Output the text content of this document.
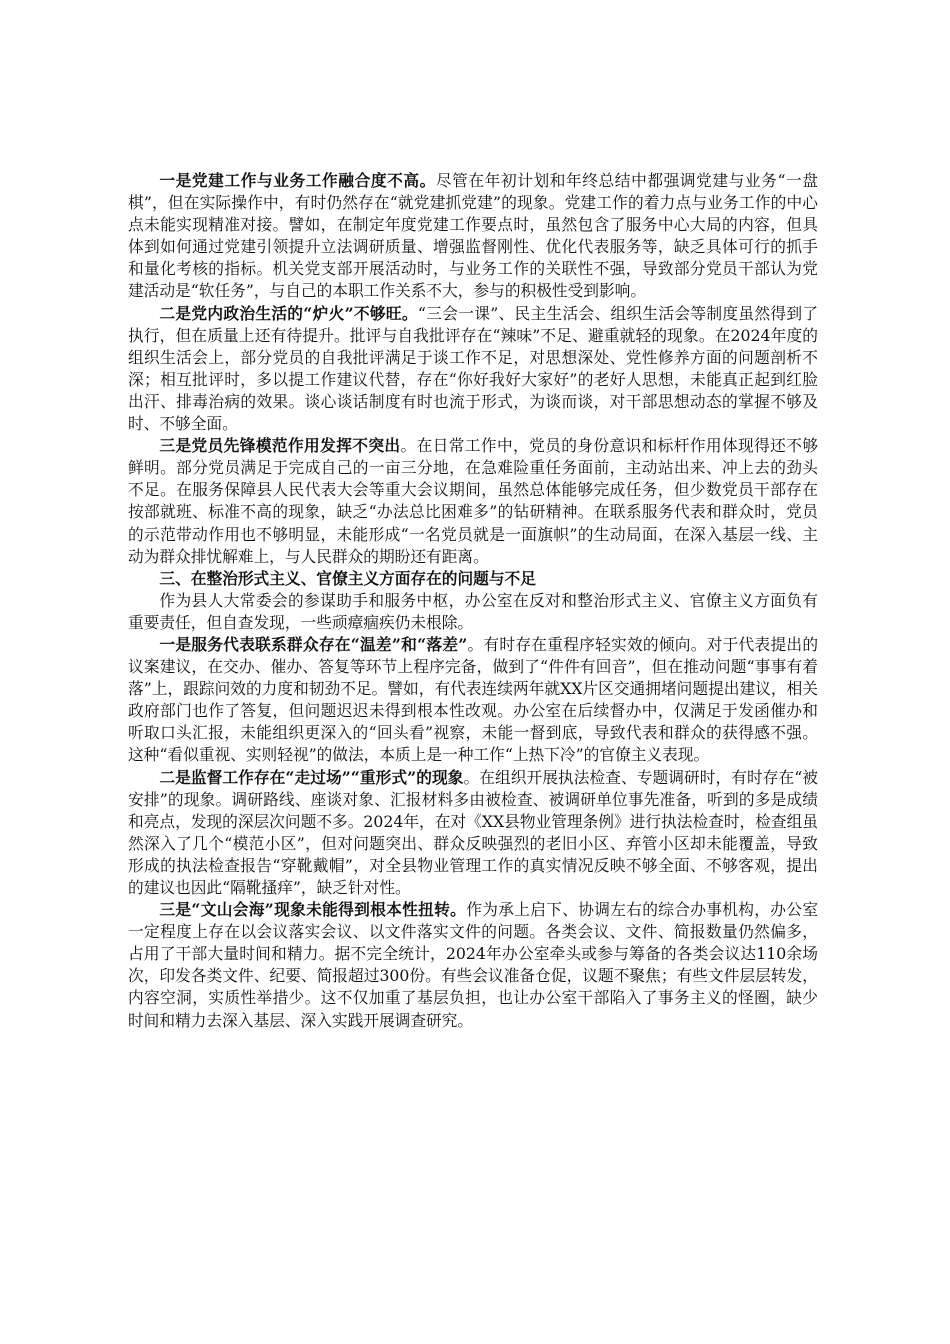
一是党建工作与业务工作融合度不高。尽管在年初计划和年终总结中都强调党建与业务“一盘棋”，但在实际操作中，有时仍然存在“就党建抓党建”的现象。党建工作的着力点与业务工作的中心点未能实现精准对接。譬如，在制定年度党建工作要点时，虽然包含了服务中心大局的内容，但具体到如何通过党建引领提升立法调研质量、增强监督刚性、优化代表服务等，缺乏具体可行的抓手和量化考核的指标。机关党支部开展活动时，与业务工作的关联性不强，导致部分党员干部认为党建活动是“软任务”，与自己的本职工作关系不大，参与的积极性受到影响。

二是党内政治生活的“炉火”不够旺。“三会一课”、民主生活会、组织生活会等制度虽然得到了执行，但在质量上还有待提升。批评与自我批评存在“辣味”不足、避重就轻的现象。在2024年度的组织生活会上，部分党员的自我批评满足于谈工作不足，对思想深处、党性修养方面的问题剖析不深；相互批评时，多以提工作建议代替，存在“你好我好大家好”的老好人思想，未能真正起到红脸出汗、排毒治病的效果。谈心谈话制度有时也流于形式，为谈而谈，对干部思想动态的掌握不够及时、不够全面。

三是党员先锋模范作用发挥不突出。在日常工作中，党员的身份意识和标杆作用体现得还不够鲜明。部分党员满足于完成自己的一亩三分地，在急难险重任务面前，主动站出来、冲上去的劲头不足。在服务保障县人民代表大会等重大会议期间，虽然总体能够完成任务，但少数党员干部存在按部就班、标准不高的现象，缺乏“办法总比困难多”的钻研精神。在联系服务代表和群众时，党员的示范带动作用也不够明显，未能形成“一名党员就是一面旗帜”的生动局面，在深入基层一线、主动为群众排忧解难上，与人民群众的期盼还有距离。

三、在整治形式主义、官僚主义方面存在的问题与不足

作为县人大常委会的参谋助手和服务中枢，办公室在反对和整治形式主义、官僚主义方面负有重要责任，但自查发现，一些顽瘴痼疾仍未根除。

一是服务代表联系群众存在“温差”和“落差”。有时存在重程序轻实效的倾向。对于代表提出的议案建议，在交办、催办、答复等环节上程序完备，做到了“件件有回音”，但在推动问题“事事有着落”上，跟踪问效的力度和韧劲不足。譬如，有代表连续两年就XX片区交通拥堵问题提出建议，相关政府部门也作了答复，但问题迟迟未得到根本性改观。办公室在后续督办中，仅满足于发函催办和听取口头汇报，未能组织更深入的“回头看”视察，未能一督到底，导致代表和群众的获得感不强。这种“看似重视、实则轻视”的做法，本质上是一种工作“上热下冷”的官僚主义表现。

二是监督工作存在“走过场”“重形式”的现象。在组织开展执法检查、专题调研时，有时存在“被安排”的现象。调研路线、座谈对象、汇报材料多由被检查、被调研单位事先准备，听到的多是成绩和亮点，发现的深层次问题不多。2024年，在对《XX县物业管理条例》进行执法检查时，检查组虽然深入了几个“模范小区”，但对问题突出、群众反映强烈的老旧小区、弃管小区却未能覆盖，导致形成的执法检查报告“穿靴戴帽”，对全县物业管理工作的真实情况反映不够全面、不够客观，提出的建议也因此“隔靴搔痒”，缺乏针对性。

三是“文山会海”现象未能得到根本性扭转。作为承上启下、协调左右的综合办事机构，办公室一定程度上存在以会议落实会议、以文件落实文件的问题。各类会议、文件、简报数量仍然偏多，占用了干部大量时间和精力。据不完全统计，2024年办公室牵头或参与筹备的各类会议达110余场次，印发各类文件、纪要、简报超过300份。有些会议准备仓促，议题不聚焦；有些文件层层转发，内容空洞，实质性举措少。这不仅加重了基层负担，也让办公室干部陷入了事务主义的怪圈，缺少时间和精力去深入基层、深入实践开展调查研究。
